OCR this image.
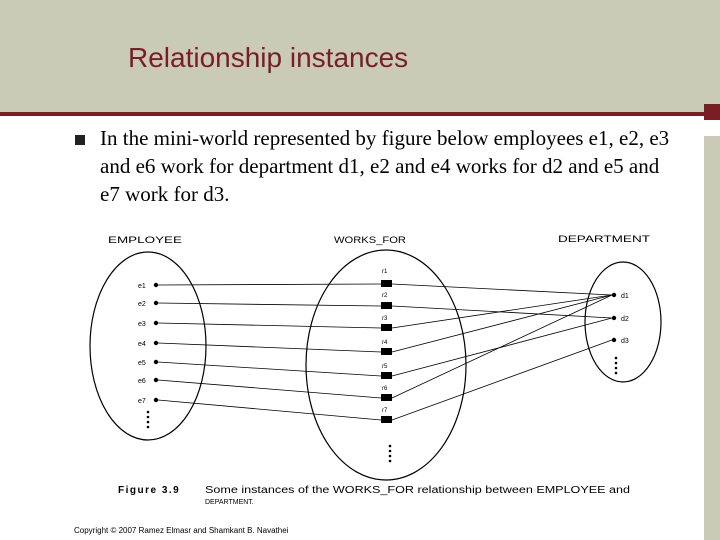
Relationship instances
In the mini-world represented by figure below employees e1, e2, e3 and e6 work for department d1, e2 and e4 works for d2 and e5 and e7 work for d3.
EMPLOYEE	WORKS_FOR	DEPARTMENT
e1
e2
e3
e4
e5
e6
e7
r1
r2
r3
r4
r5
r6
r7
d1
d2
d3
Figure 3.9 Some instances of the WORKS_FOR relationship between EMPLOYEE and
DEPARTMENT.
Copyright © 2007 Ramez Elmasr and Shamkant B. Navathei
